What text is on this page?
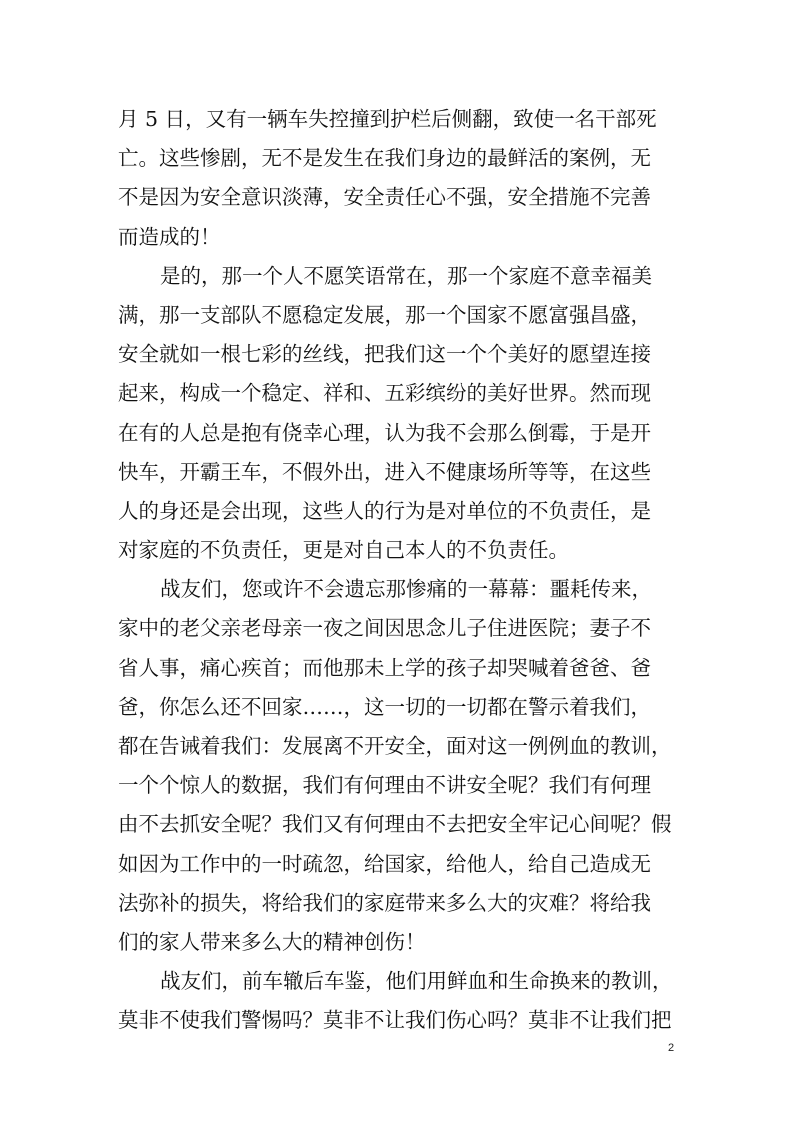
月 5 日，又有一辆车失控撞到护栏后侧翻，致使一名干部死
亡。这些惨剧，无不是发生在我们身边的最鲜活的案例，无
不是因为安全意识淡薄，安全责任心不强，安全措施不完善
而造成的！
是的，那一个人不愿笑语常在，那一个家庭不意幸福美
满，那一支部队不愿稳定发展，那一个国家不愿富强昌盛，
安全就如一根七彩的丝线，把我们这一个个美好的愿望连接
起来，构成一个稳定、祥和、五彩缤纷的美好世界。然而现
在有的人总是抱有侥幸心理，认为我不会那么倒霉，于是开
快车，开霸王车，不假外出，进入不健康场所等等，在这些
人的身还是会出现，这些人的行为是对单位的不负责任，是
对家庭的不负责任，更是对自己本人的不负责任。
战友们，您或许不会遗忘那惨痛的一幕幕：噩耗传来，
家中的老父亲老母亲一夜之间因思念儿子住进医院；妻子不
省人事，痛心疾首；而他那未上学的孩子却哭喊着爸爸、爸
爸，你怎么还不回家……，这一切的一切都在警示着我们，
都在告诫着我们：发展离不开安全，面对这一例例血的教训，
一个个惊人的数据，我们有何理由不讲安全呢？我们有何理
由不去抓安全呢？我们又有何理由不去把安全牢记心间呢？假
如因为工作中的一时疏忽，给国家，给他人，给自己造成无
法弥补的损失，将给我们的家庭带来多么大的灾难？将给我
们的家人带来多么大的精神创伤！
战友们，前车辙后车鉴，他们用鲜血和生命换来的教训，
莫非不使我们警惕吗？莫非不让我们伤心吗？莫非不让我们把
2
